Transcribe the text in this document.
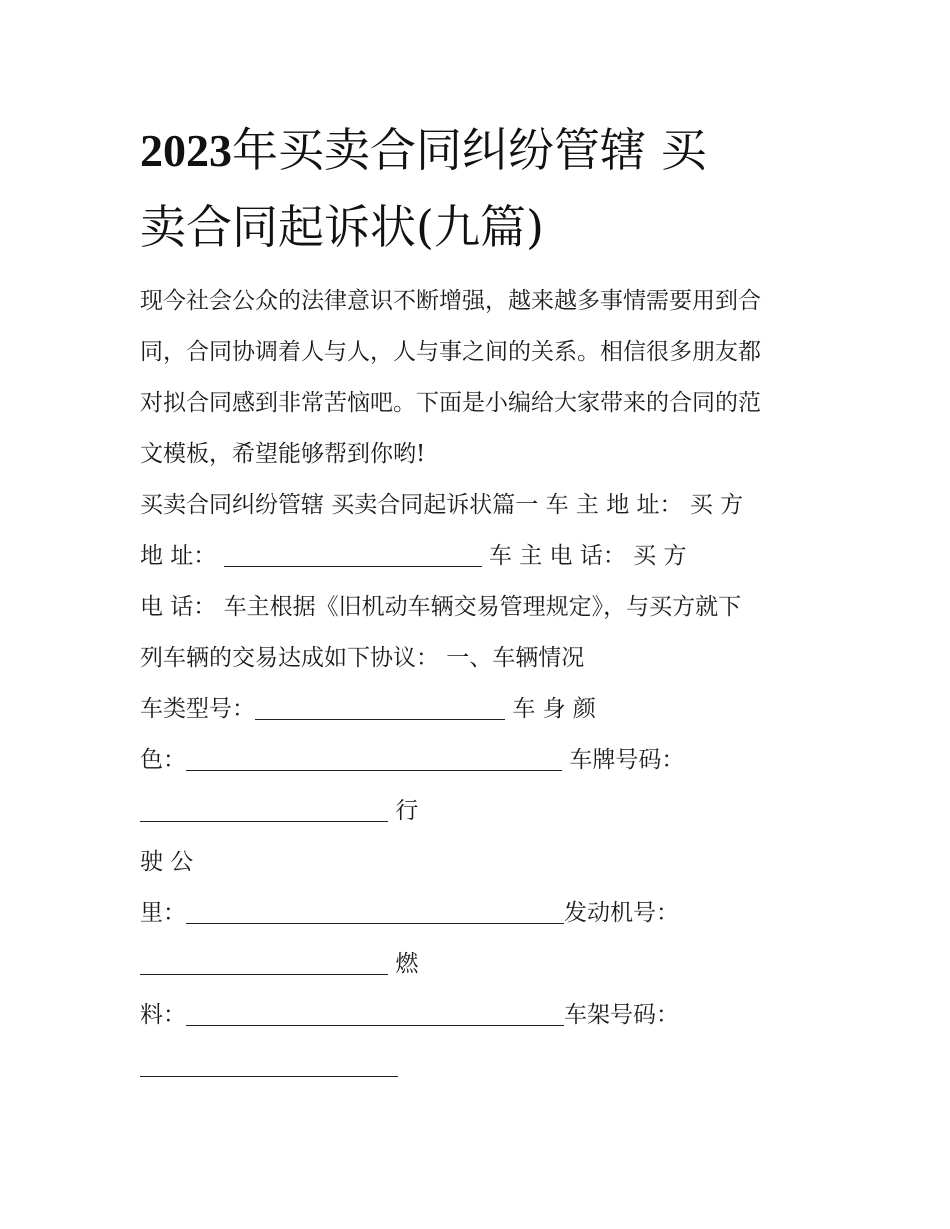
2023年买卖合同纠纷管辖 买
卖合同起诉状(九篇)
现今社会公众的法律意识不断增强，越来越多事情需要用到合
同，合同协调着人与人，人与事之间的关系。相信很多朋友都
对拟合同感到非常苦恼吧。下面是小编给大家带来的合同的范
文模板，希望能够帮到你哟!
买卖合同纠纷管辖 买卖合同起诉状篇一 车 主 地 址： 买 方
地 址：	车 主 电 话： 买 方
电 话： 车主根据《旧机动车辆交易管理规定》，与买方就下
列车辆的交易达成如下协议： 一、车辆情况
车类型号：	车 身 颜
色：	车牌号码：
行
驶 公
里：	发动机号：
燃
料：	车架号码：
